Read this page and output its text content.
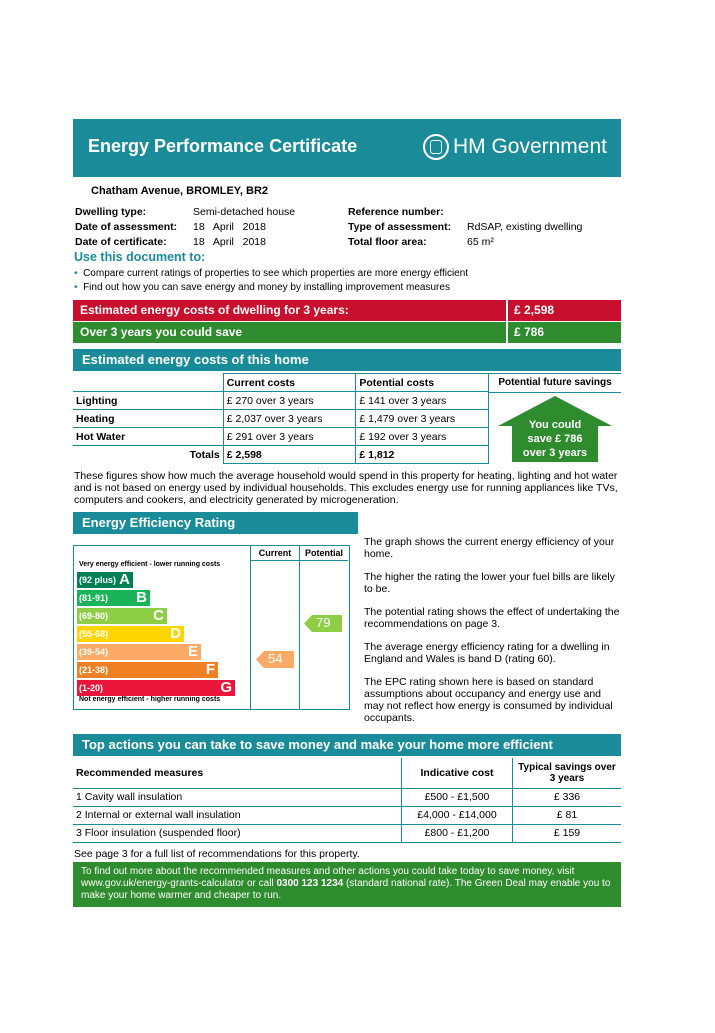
Energy Performance Certificate	HM Government
Chatham Avenue, BROMLEY, BR2
Dwelling type:	Semi-detached house
Date of assessment: 18   April   2018
Date of certificate:	18   April   2018
Reference number:
Type of assessment: RdSAP, existing dwelling
Total floor area:	65 m²
Use this document to:
• Compare current ratings of properties to see which properties are more energy efficient
• Find out how you can save energy and money by installing improvement measures
Estimated energy costs of dwelling for 3 years:	£ 2,598
Over 3 years you could save	£ 786
Estimated energy costs of this home
	Current costs	Potential costs
Lighting	£ 270 over 3 years	£ 141 over 3 years
Heating	£ 2,037 over 3 years	£ 1,479 over 3 years
Hot Water	£ 291 over 3 years	£ 192 over 3 years
Totals	£ 2,598	£ 1,812
Potential future savings
You could
save £ 786
over 3 years
These figures show how much the average household would spend in this property for heating, lighting and hot water and is not based on energy used by individual households. This excludes energy use for running appliances like TVs, computers and cookers, and electricity generated by microgeneration.
Energy Efficiency Rating
Current	Potential
Very energy efficient - lower running costs
Not energy efficient - higher running costs
(92 plus) A
(81-91) B
(69-80)	C
(55-68)	D
(39-54)	E
(21-38)	F
(1-20)	G
54
79
The graph shows the current energy efficiency of your home.
The higher the rating the lower your fuel bills are likely to be.
The potential rating shows the effect of undertaking the recommendations on page 3.
The average energy efficiency rating for a dwelling in England and Wales is band D (rating 60).
The EPC rating shown here is based on standard assumptions about occupancy and energy use and may not reflect how energy is consumed by individual occupants.
Top actions you can take to save money and make your home more efficient
Recommended measures	Indicative cost	Typical savings over 3 years
1 Cavity wall insulation	£500 - £1,500	£ 336
2 Internal or external wall insulation	£4,000 - £14,000	£ 81
3 Floor insulation (suspended floor)	£800 - £1,200	£ 159
See page 3 for a full list of recommendations for this property.
To find out more about the recommended measures and other actions you could take today to save money, visit www.gov.uk/energy-grants-calculator or call 0300 123 1234 (standard national rate). The Green Deal may enable you to make your home warmer and cheaper to run.
